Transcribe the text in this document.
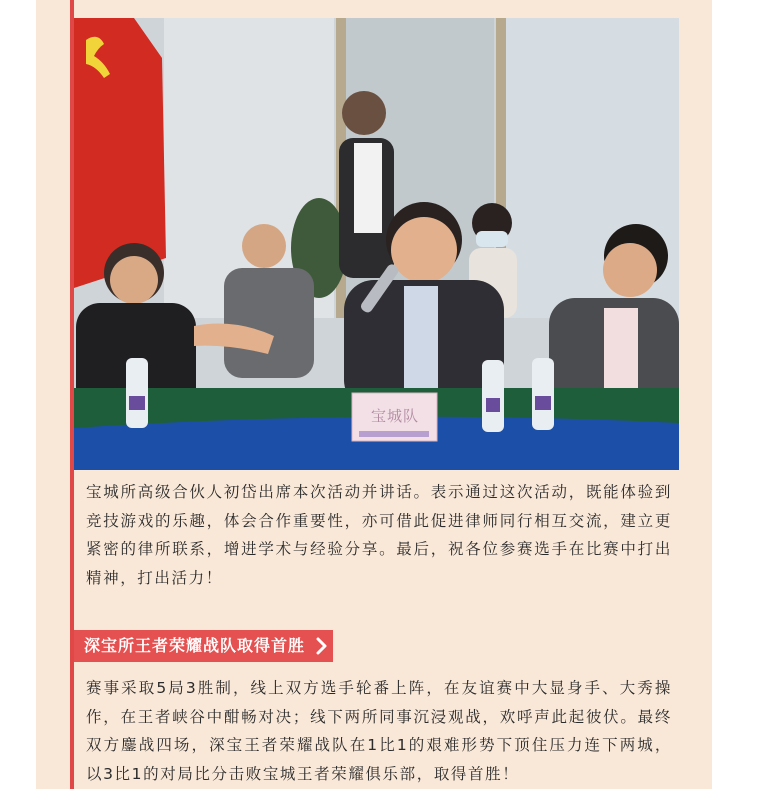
宝城队

宝城所高级合伙人初岱出席本次活动并讲话。表示通过这次活动，既能体验到竞技游戏的乐趣，体会合作重要性，亦可借此促进律师同行相互交流，建立更紧密的律所联系，增进学术与经验分享。最后，祝各位参赛选手在比赛中打出精神，打出活力！

深宝所王者荣耀战队取得首胜

赛事采取5局3胜制，线上双方选手轮番上阵，在友谊赛中大显身手、大秀操作，在王者峡谷中酣畅对决；线下两所同事沉浸观战，欢呼声此起彼伏。最终双方鏖战四场，深宝王者荣耀战队在1比1的艰难形势下顶住压力连下两城，以3比1的对局比分击败宝城王者荣耀俱乐部，取得首胜！
